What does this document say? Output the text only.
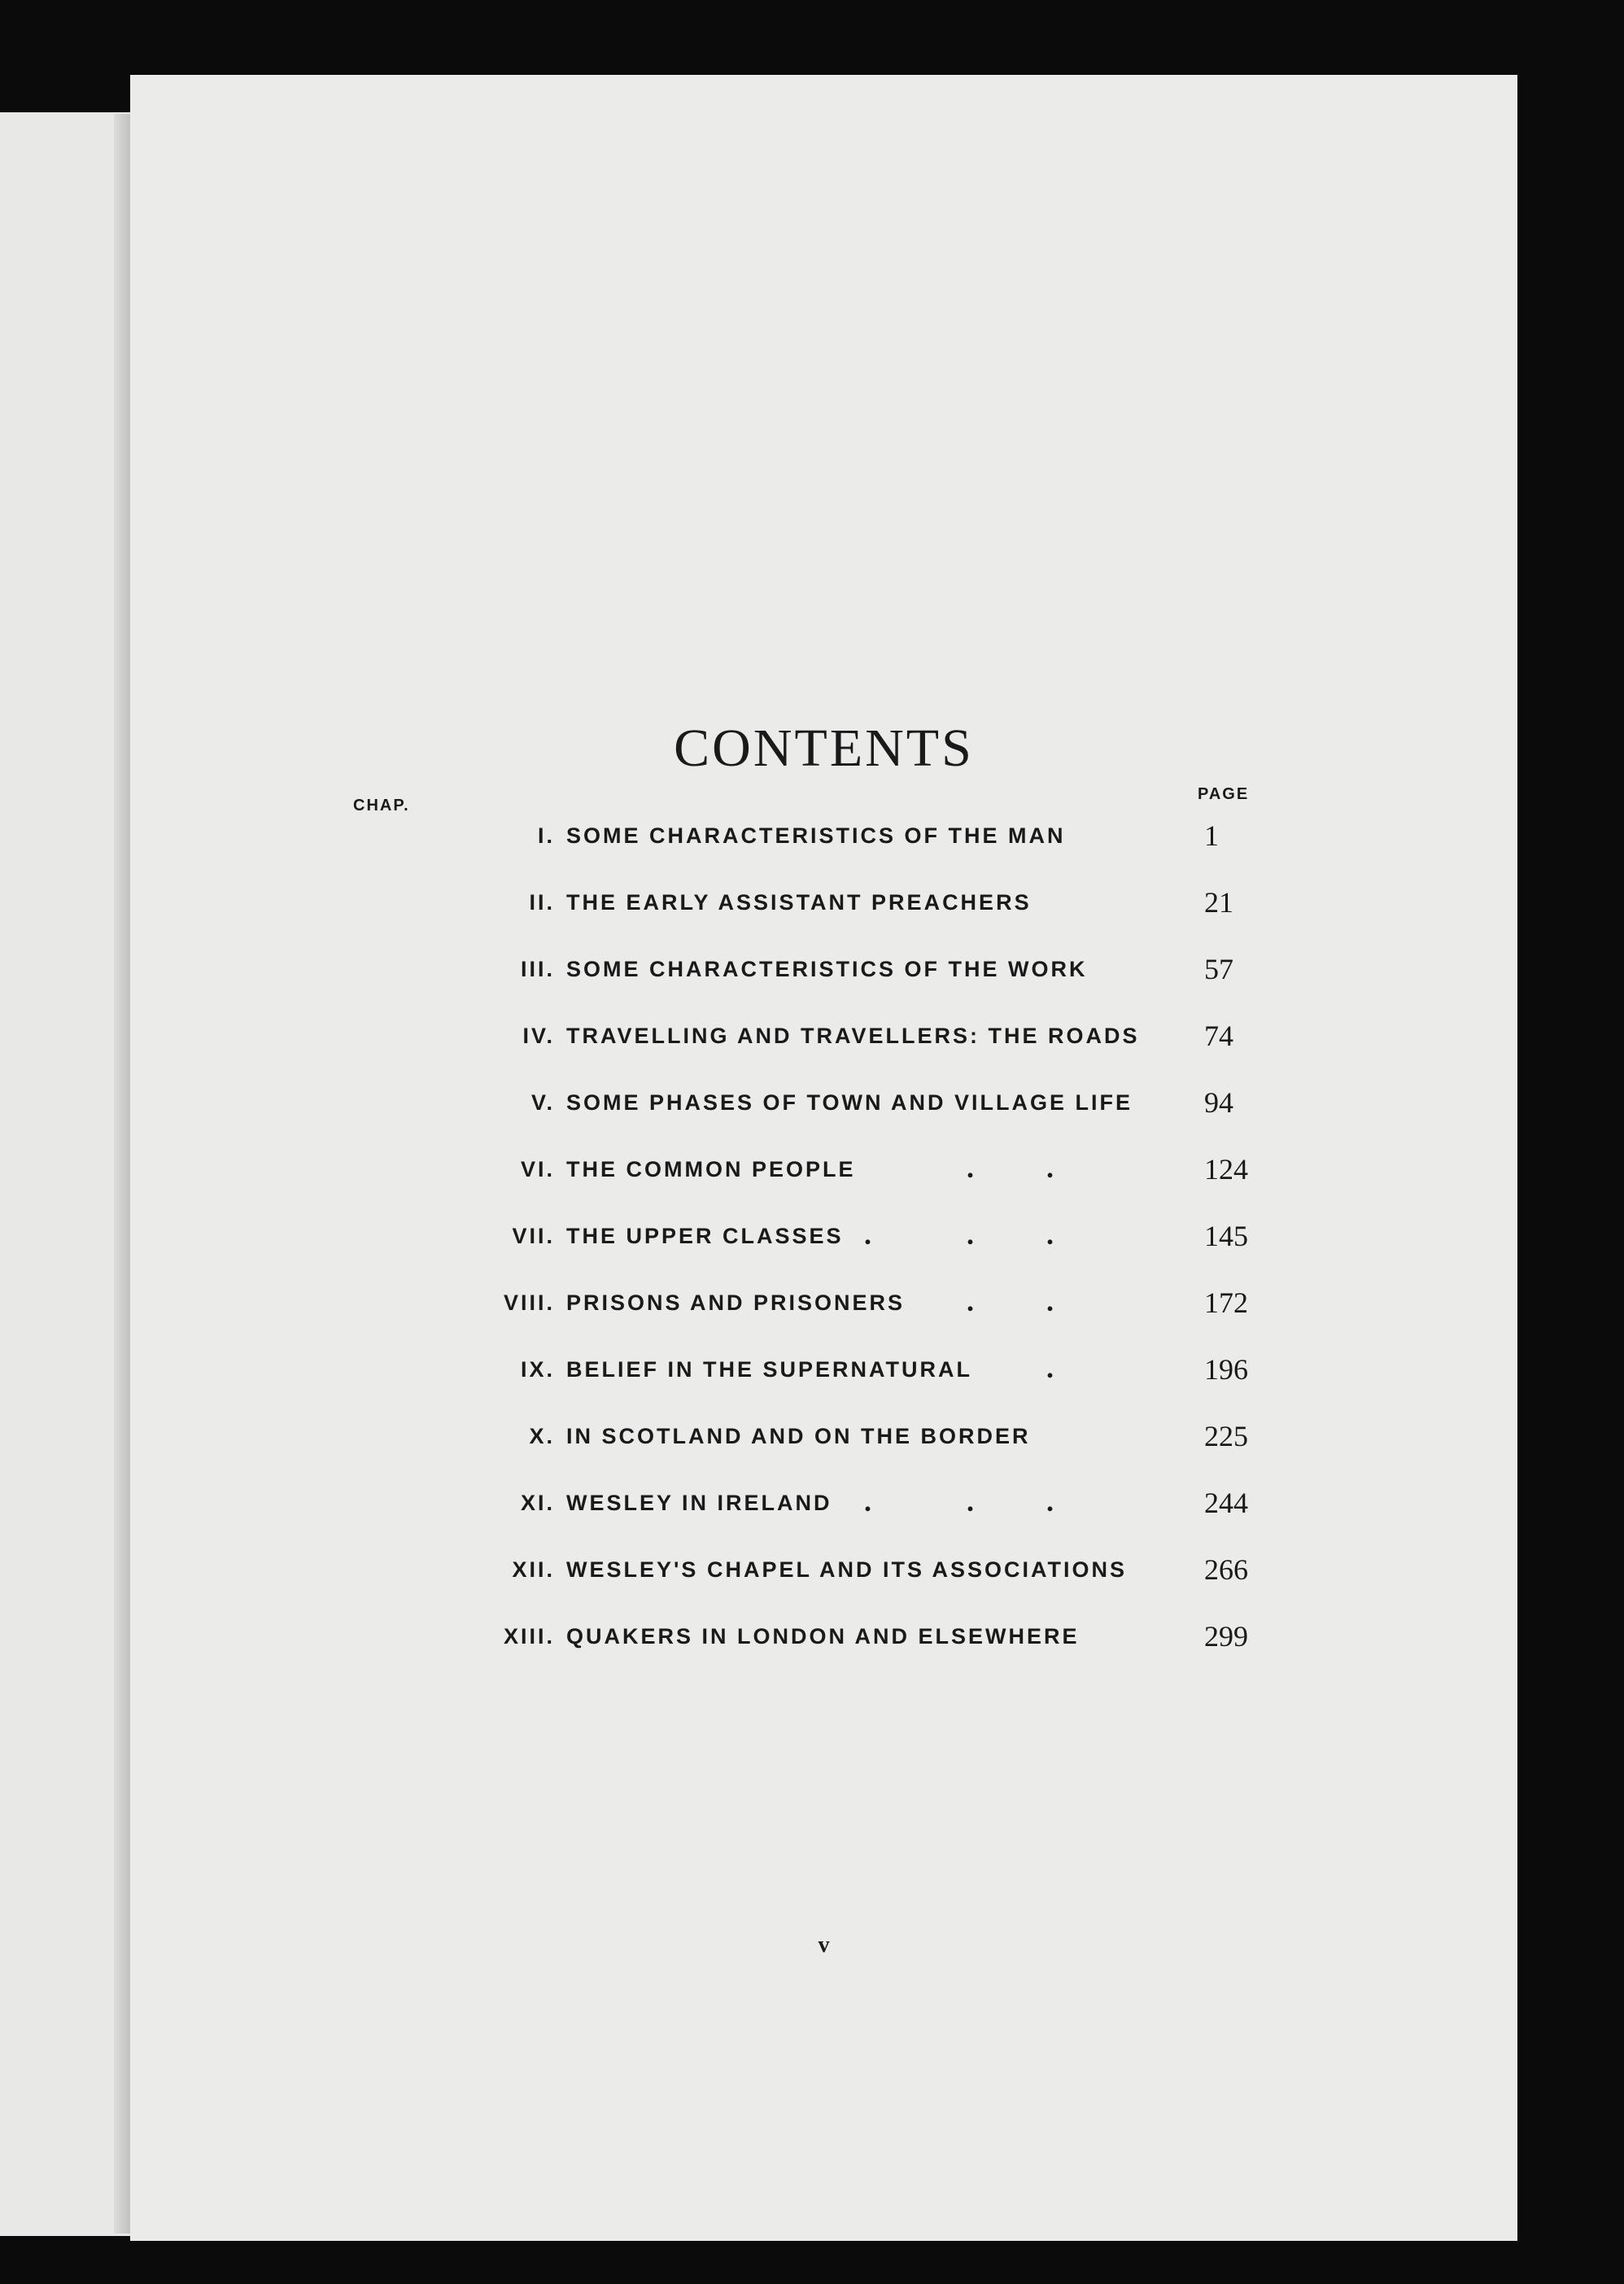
CONTENTS
CHAP.
PAGE
I. SOME CHARACTERISTICS OF THE MAN	1
II. THE EARLY ASSISTANT PREACHERS	21
III. SOME CHARACTERISTICS OF THE WORK	57
IV. TRAVELLING AND TRAVELLERS: THE ROADS 74
V. SOME PHASES OF TOWN AND VILLAGE LIFE 94
VI. THE COMMON PEOPLE	124
. .
VII. THE UPPER CLASSES	145
.	. .
VIII. PRISONS AND PRISONERS	172
. .
IX. BELIEF IN THE SUPERNATURAL	196
.
X. IN SCOTLAND AND ON THE BORDER	225
XI. WESLEY IN IRELAND	244
.	. .
XII. WESLEY'S CHAPEL AND ITS ASSOCIATIONS	266
XIII. QUAKERS IN LONDON AND ELSEWHERE	299
v
